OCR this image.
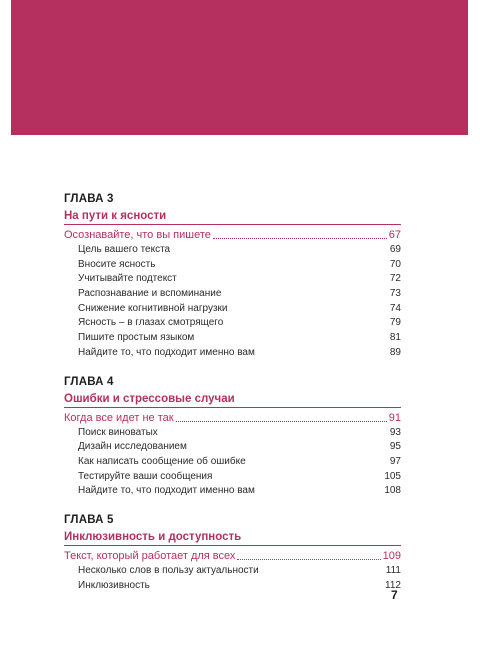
ГЛАВА 3
На пути к ясности
Осознавайте, что вы пишете	67
Цель вашего текста	69
Вносите ясность	70
Учитывайте подтекст	72
Распознавание и вспоминание	73
Снижение когнитивной нагрузки	74
Ясность – в глазах смотрящего	79
Пишите простым языком	81
Найдите то, что подходит именно вам	89
ГЛАВА 4
Ошибки и стрессовые случаи
Когда все идет не так	91
Поиск виноватых	93
Дизайн исследованием	95
Как написать сообщение об ошибке	97
Тестируйте ваши сообщения	105
Найдите то, что подходит именно вам	108
ГЛАВА 5
Инклюзивность и доступность
Текст, который работает для всех	109
Несколько слов в пользу актуальности	111
Инклюзивность	112
7
